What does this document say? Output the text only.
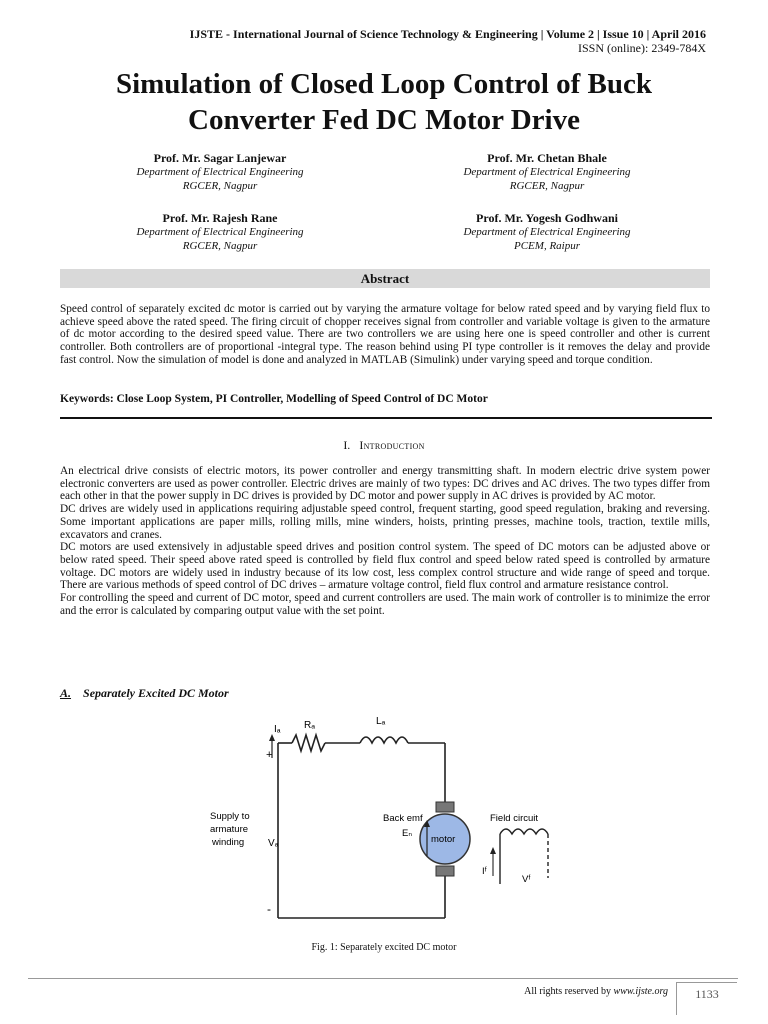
IJSTE - International Journal of Science Technology & Engineering | Volume 2 | Issue 10 | April 2016
ISSN (online): 2349-784X
Simulation of Closed Loop Control of Buck
Converter Fed DC Motor Drive
Prof. Mr. Sagar Lanjewar
Department of Electrical Engineering
RGCER, Nagpur
Prof. Mr. Chetan Bhale
Department of Electrical Engineering
RGCER, Nagpur
Prof. Mr. Rajesh Rane
Department of Electrical Engineering
RGCER, Nagpur
Prof. Mr. Yogesh Godhwani
Department of Electrical Engineering
PCEM, Raipur
Abstract

Speed control of separately excited dc motor is carried out by varying the armature voltage for below rated speed and by varying field flux to achieve speed above the rated speed. The firing circuit of chopper receives signal from controller and variable voltage is given to the armature of dc motor according to the desired speed value. There are two controllers we are using here one is speed controller and other is current controller. Both controllers are of proportional -integral type. The reason behind using PI type controller is it removes the delay and provide fast control. Now the simulation of model is done and analyzed in MATLAB (Simulink) under varying speed and torque condition.

Keywords: Close Loop System, PI Controller, Modelling of Speed Control of DC Motor
I. Introduction

An electrical drive consists of electric motors, its power controller and energy transmitting shaft. In modern electric drive system power electronic converters are used as power controller. Electric drives are mainly of two types: DC drives and AC drives. The two types differ from each other in that the power supply in DC drives is provided by DC motor and power supply in AC drives is provided by AC motor.

DC drives are widely used in applications requiring adjustable speed control, frequent starting, good speed regulation, braking and reversing. Some important applications are paper mills, rolling mills, mine winders, hoists, printing presses, machine tools, traction, textile mills, excavators and cranes.

DC motors are used extensively in adjustable speed drives and position control system. The speed of DC motors can be adjusted above or below rated speed. Their speed above rated speed is controlled by field flux control and speed below rated speed is controlled by armature voltage. DC motors are widely used in industry because of its low cost, less complex control structure and wide range of speed and torque. There are various methods of speed control of DC drives – armature voltage control, field flux control and armature resistance control.

For controlling the speed and current of DC motor, speed and current controllers are used. The main work of controller is to minimize the error and the error is calculated by comparing output value with the set point.

A. Separately Excited DC Motor
Iₐ Rₐ	Lₐ
+
-
Supply to
armature
winding Vₐ
Back emf
Eₙ
motor
Field circuit
Iᶠ
Vᶠ
Fig. 1: Separately excited DC motor
All rights reserved by www.ijste.org	1133
